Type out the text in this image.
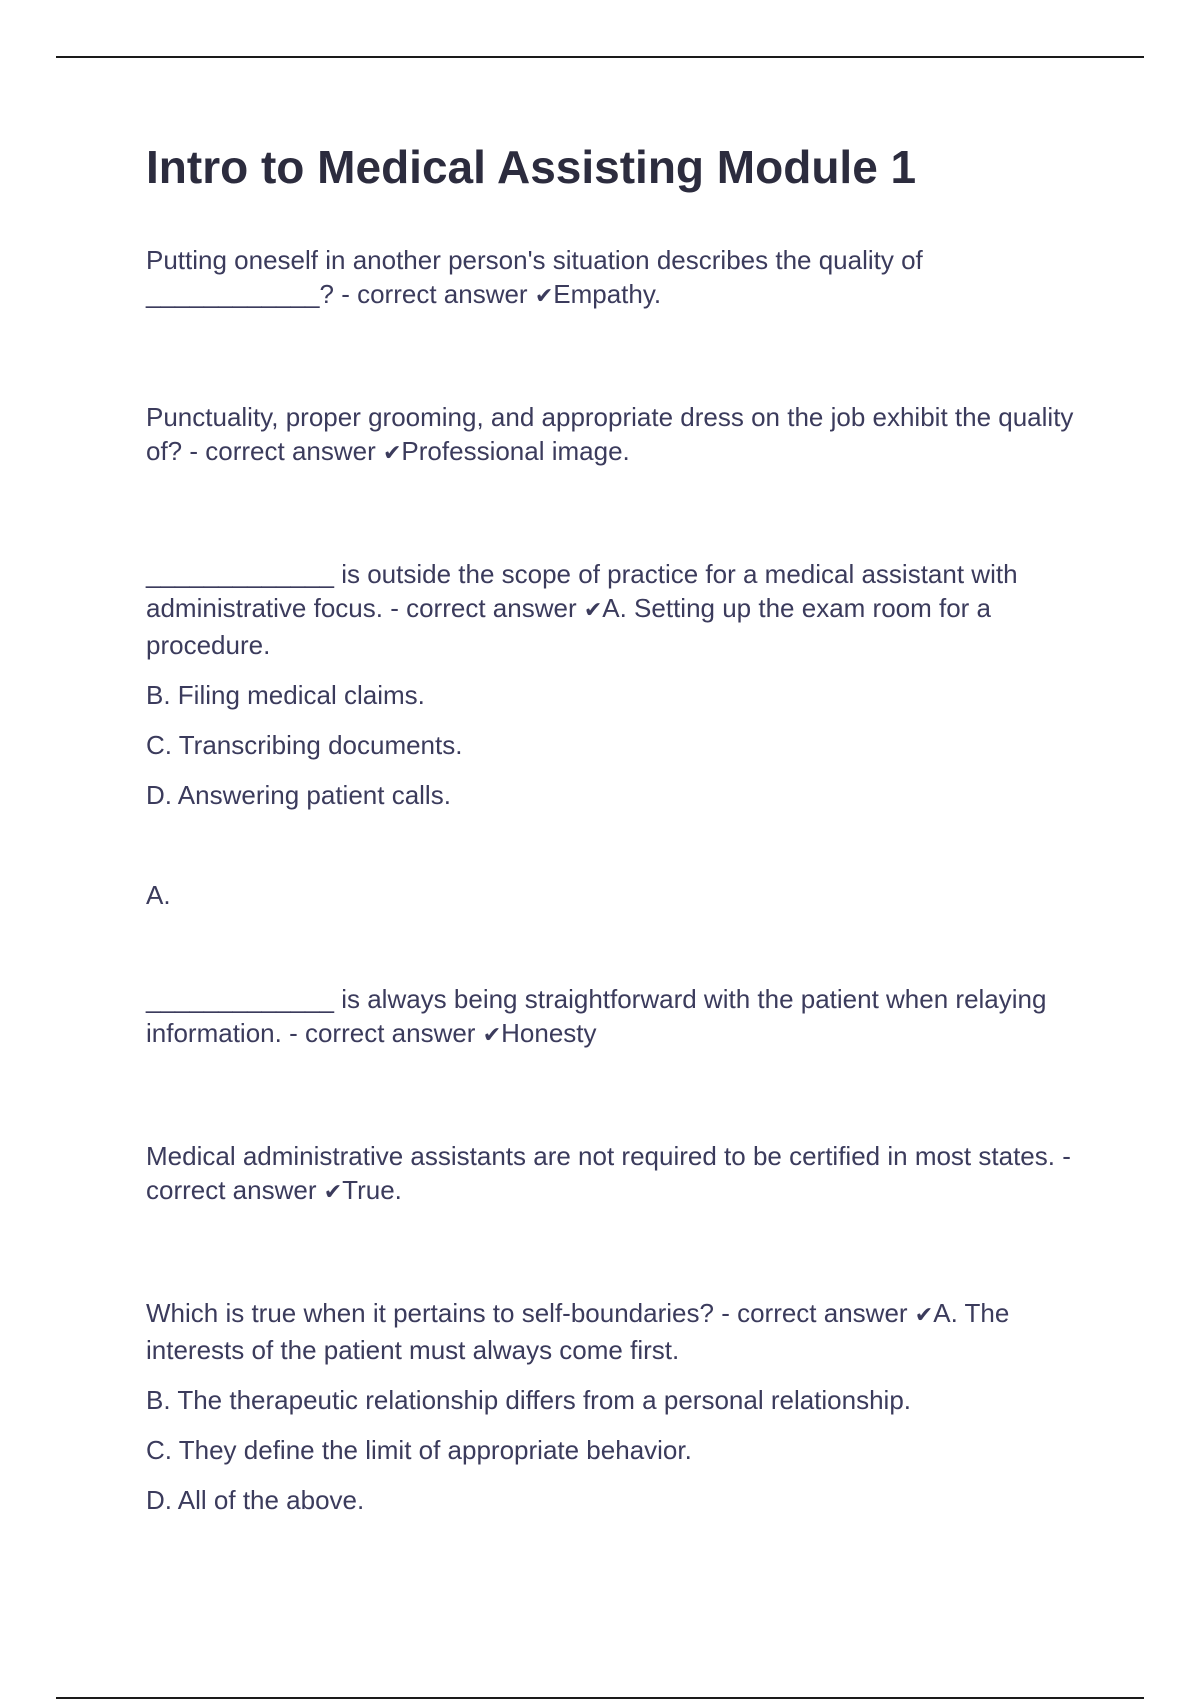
Intro to Medical Assisting Module 1

Putting oneself in another person's situation describes the quality of ____________? - correct answer ✔Empathy.

Punctuality, proper grooming, and appropriate dress on the job exhibit the quality of? - correct answer ✔Professional image.

_____________ is outside the scope of practice for a medical assistant with administrative focus. - correct answer ✔A. Setting up the exam room for a procedure.

B. Filing medical claims.
C. Transcribing documents.
D. Answering patient calls.
A.

_____________ is always being straightforward with the patient when relaying information. - correct answer ✔Honesty

Medical administrative assistants are not required to be certified in most states. - correct answer ✔True.

Which is true when it pertains to self-boundaries? - correct answer ✔A. The interests of the patient must always come first.

B. The therapeutic relationship differs from a personal relationship.
C. They define the limit of appropriate behavior.
D. All of the above.
